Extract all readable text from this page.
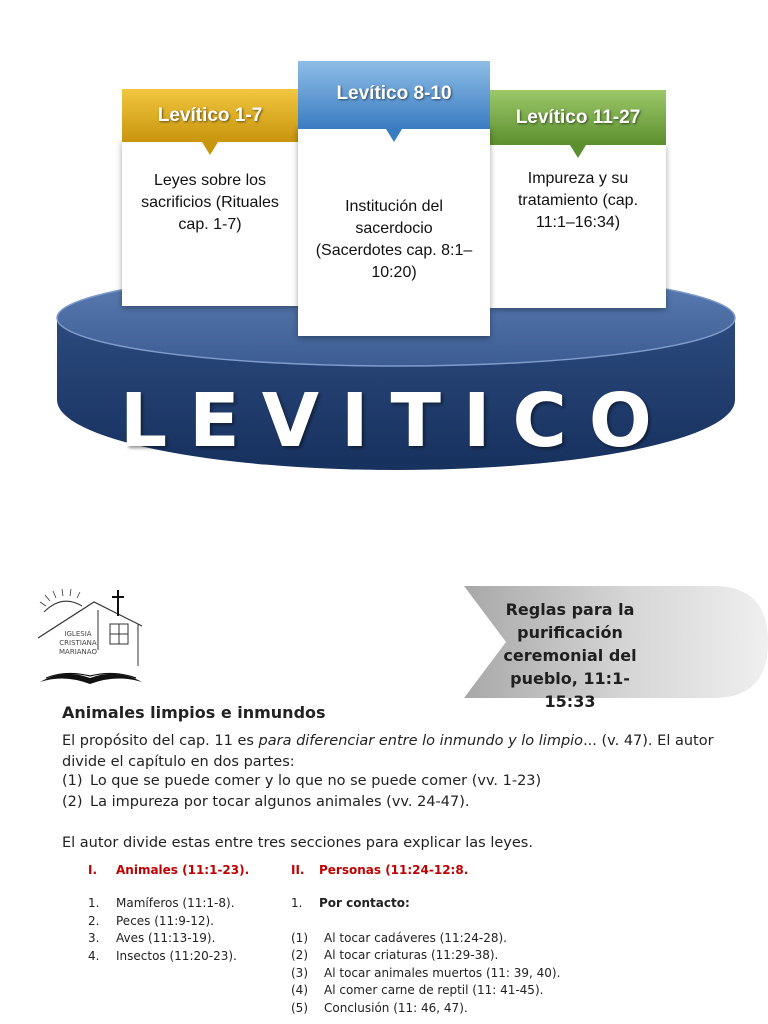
LEVITICO
Leyes sobre los sacrificios (Rituales cap. 1-7)
Levítico 1-7
Impureza y su tratamiento (cap. 11:1–16:34)
Levítico 11-27
Institución del sacerdocio (Sacerdotes cap. 8:1–10:20)
Levítico 8-10
IGLESIA
CRISTIANA
MARIANAO
Reglas para la purificación ceremonial del pueblo, 11:1-15:33
Animales limpios e inmundos
El propósito del cap. 11 es para diferenciar entre lo inmundo y lo limpio... (v. 47). El autor divide el capítulo en dos partes:
(1) Lo que se puede comer y lo que no se puede comer (vv. 1-23)
(2) La impureza por tocar algunos animales (vv. 24-47).
El autor divide estas entre tres secciones para explicar las leyes.
I. Animales (11:1-23).
1. Mamíferos (11:1-8).
2. Peces (11:9-12).
3. Aves (11:13-19).
4. Insectos (11:20-23).
II. Personas (11:24-12:8.
1. Por contacto:
(1) Al tocar cadáveres (11:24-28).
(2) Al tocar criaturas (11:29-38).
(3) Al tocar animales muertos (11: 39, 40).
(4) Al comer carne de reptil (11: 41-45).
(5) Conclusión (11: 46, 47).
